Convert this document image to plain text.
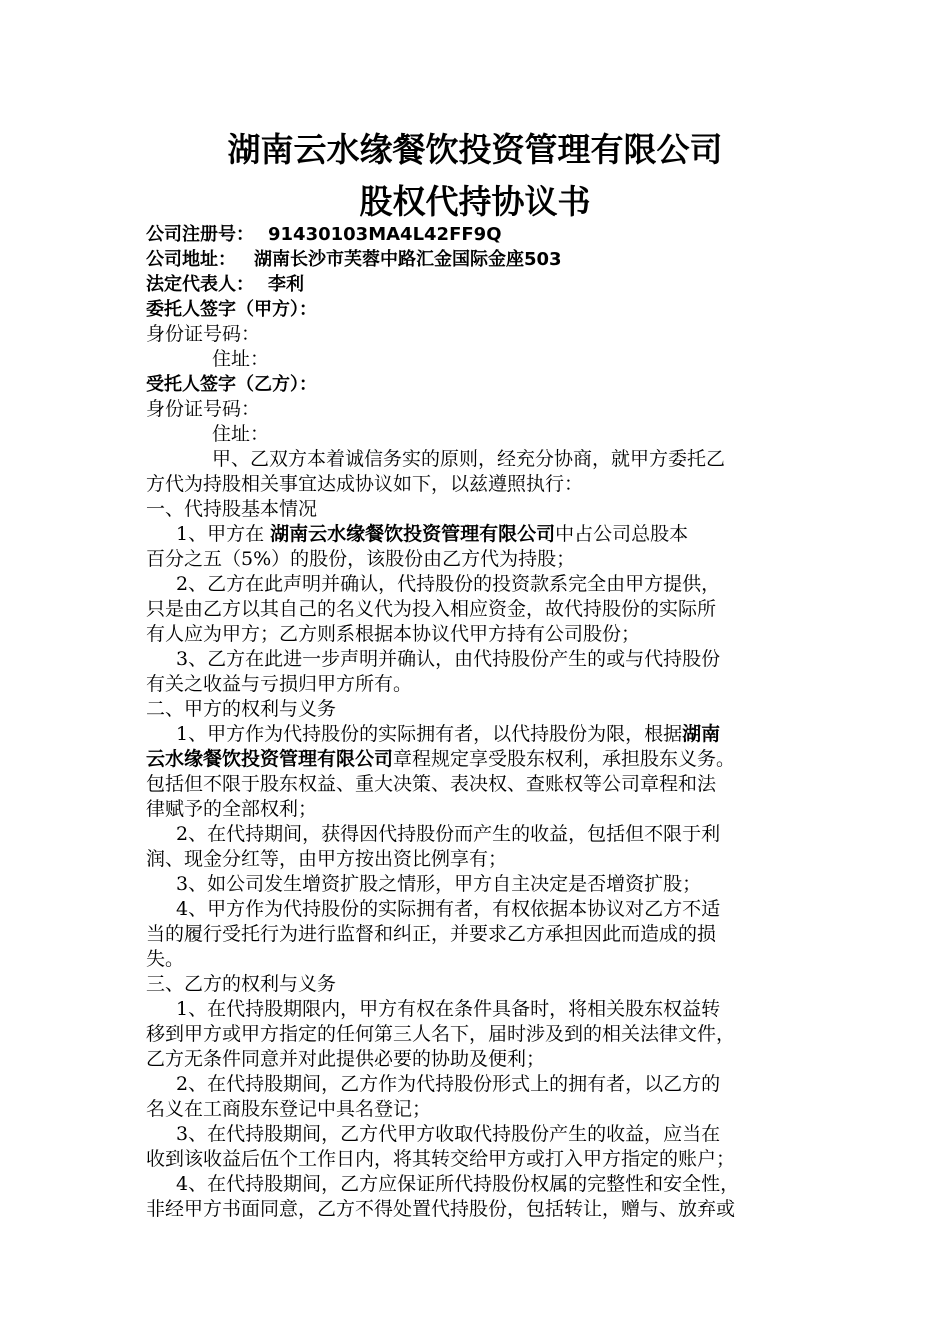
湖南云水缘餐饮投资管理有限公司
股权代持协议书

公司注册号： 91430103MA4L42FF9Q

公司地址： 湖南长沙市芙蓉中路汇金国际金座503

法定代表人： 李利

委托人签字（甲方）：

身份证号码：

住址：

受托人签字（乙方）：

身份证号码：

住址：

甲、乙双方本着诚信务实的原则，经充分协商，就甲方委托乙

方代为持股相关事宜达成协议如下，以兹遵照执行：

一、代持股基本情况

1、甲方在 湖南云水缘餐饮投资管理有限公司中占公司总股本

百分之五（5%）的股份，该股份由乙方代为持股；

2、乙方在此声明并确认，代持股份的投资款系完全由甲方提供，

只是由乙方以其自己的名义代为投入相应资金，故代持股份的实际所

有人应为甲方；乙方则系根据本协议代甲方持有公司股份；

3、乙方在此进一步声明并确认，由代持股份产生的或与代持股份

有关之收益与亏损归甲方所有。

二、甲方的权利与义务

1、甲方作为代持股份的实际拥有者，以代持股份为限，根据湖南

云水缘餐饮投资管理有限公司章程规定享受股东权利，承担股东义务。

包括但不限于股东权益、重大决策、表决权、查账权等公司章程和法

律赋予的全部权利；

2、在代持期间，获得因代持股份而产生的收益，包括但不限于利

润、现金分红等，由甲方按出资比例享有；

3、如公司发生增资扩股之情形，甲方自主决定是否增资扩股；

4、甲方作为代持股份的实际拥有者，有权依据本协议对乙方不适

当的履行受托行为进行监督和纠正，并要求乙方承担因此而造成的损

失。

三、乙方的权利与义务

1、在代持股期限内，甲方有权在条件具备时，将相关股东权益转

移到甲方或甲方指定的任何第三人名下，届时涉及到的相关法律文件，

乙方无条件同意并对此提供必要的协助及便利；

2、在代持股期间，乙方作为代持股份形式上的拥有者，以乙方的

名义在工商股东登记中具名登记；

3、在代持股期间，乙方代甲方收取代持股份产生的收益，应当在

收到该收益后伍个工作日内，将其转交给甲方或打入甲方指定的账户；

4、在代持股期间，乙方应保证所代持股份权属的完整性和安全性，

非经甲方书面同意，乙方不得处置代持股份，包括转让，赠与、放弃或
